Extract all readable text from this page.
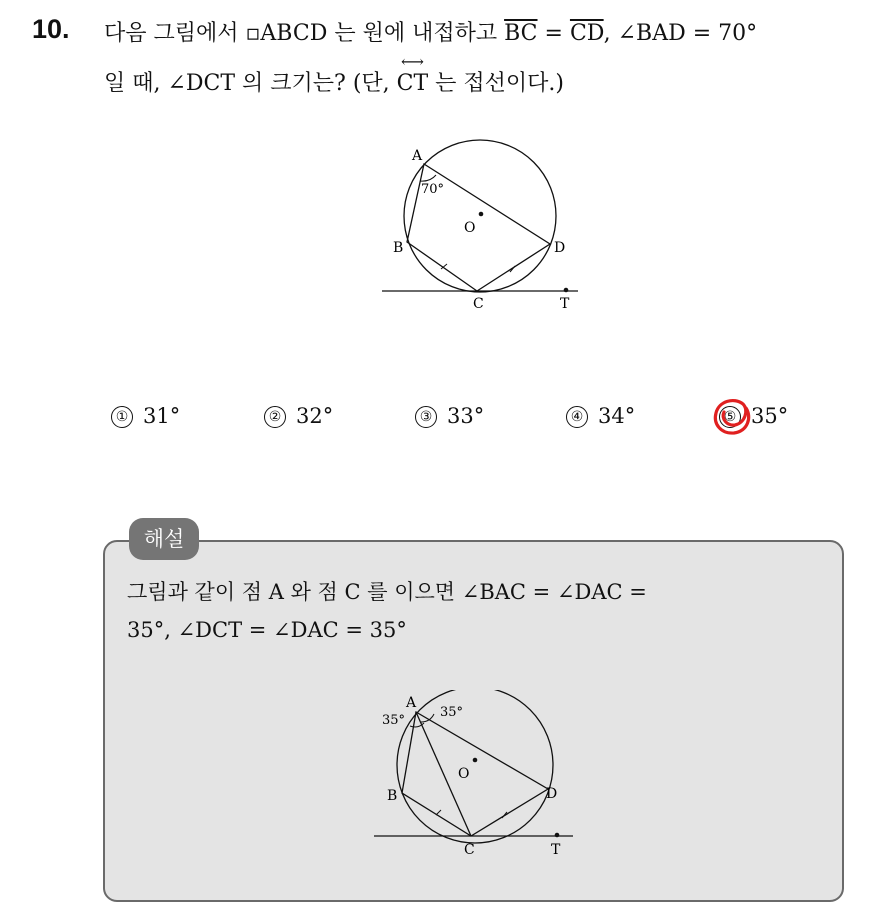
10. 다음 그림에서 ▫ABCD 는 원에 내접하고 $\overline{BC} = \overline{CD}$, ∠BAD = 70°
일 때, ∠DCT 의 크기는? (단,
⟷
CT 는 접선이다.)
A
70°
O
B	D
C	T
① 31°	② 32°	③ 33°	④ 34°	⑤ 35°
해설
그림과 같이 점 A 와 점 C 를 이으면 ∠BAC = ∠DAC =
35°, ∠DCT = ∠DAC = 35°
A
35°
35°
O
B	D
C	T
